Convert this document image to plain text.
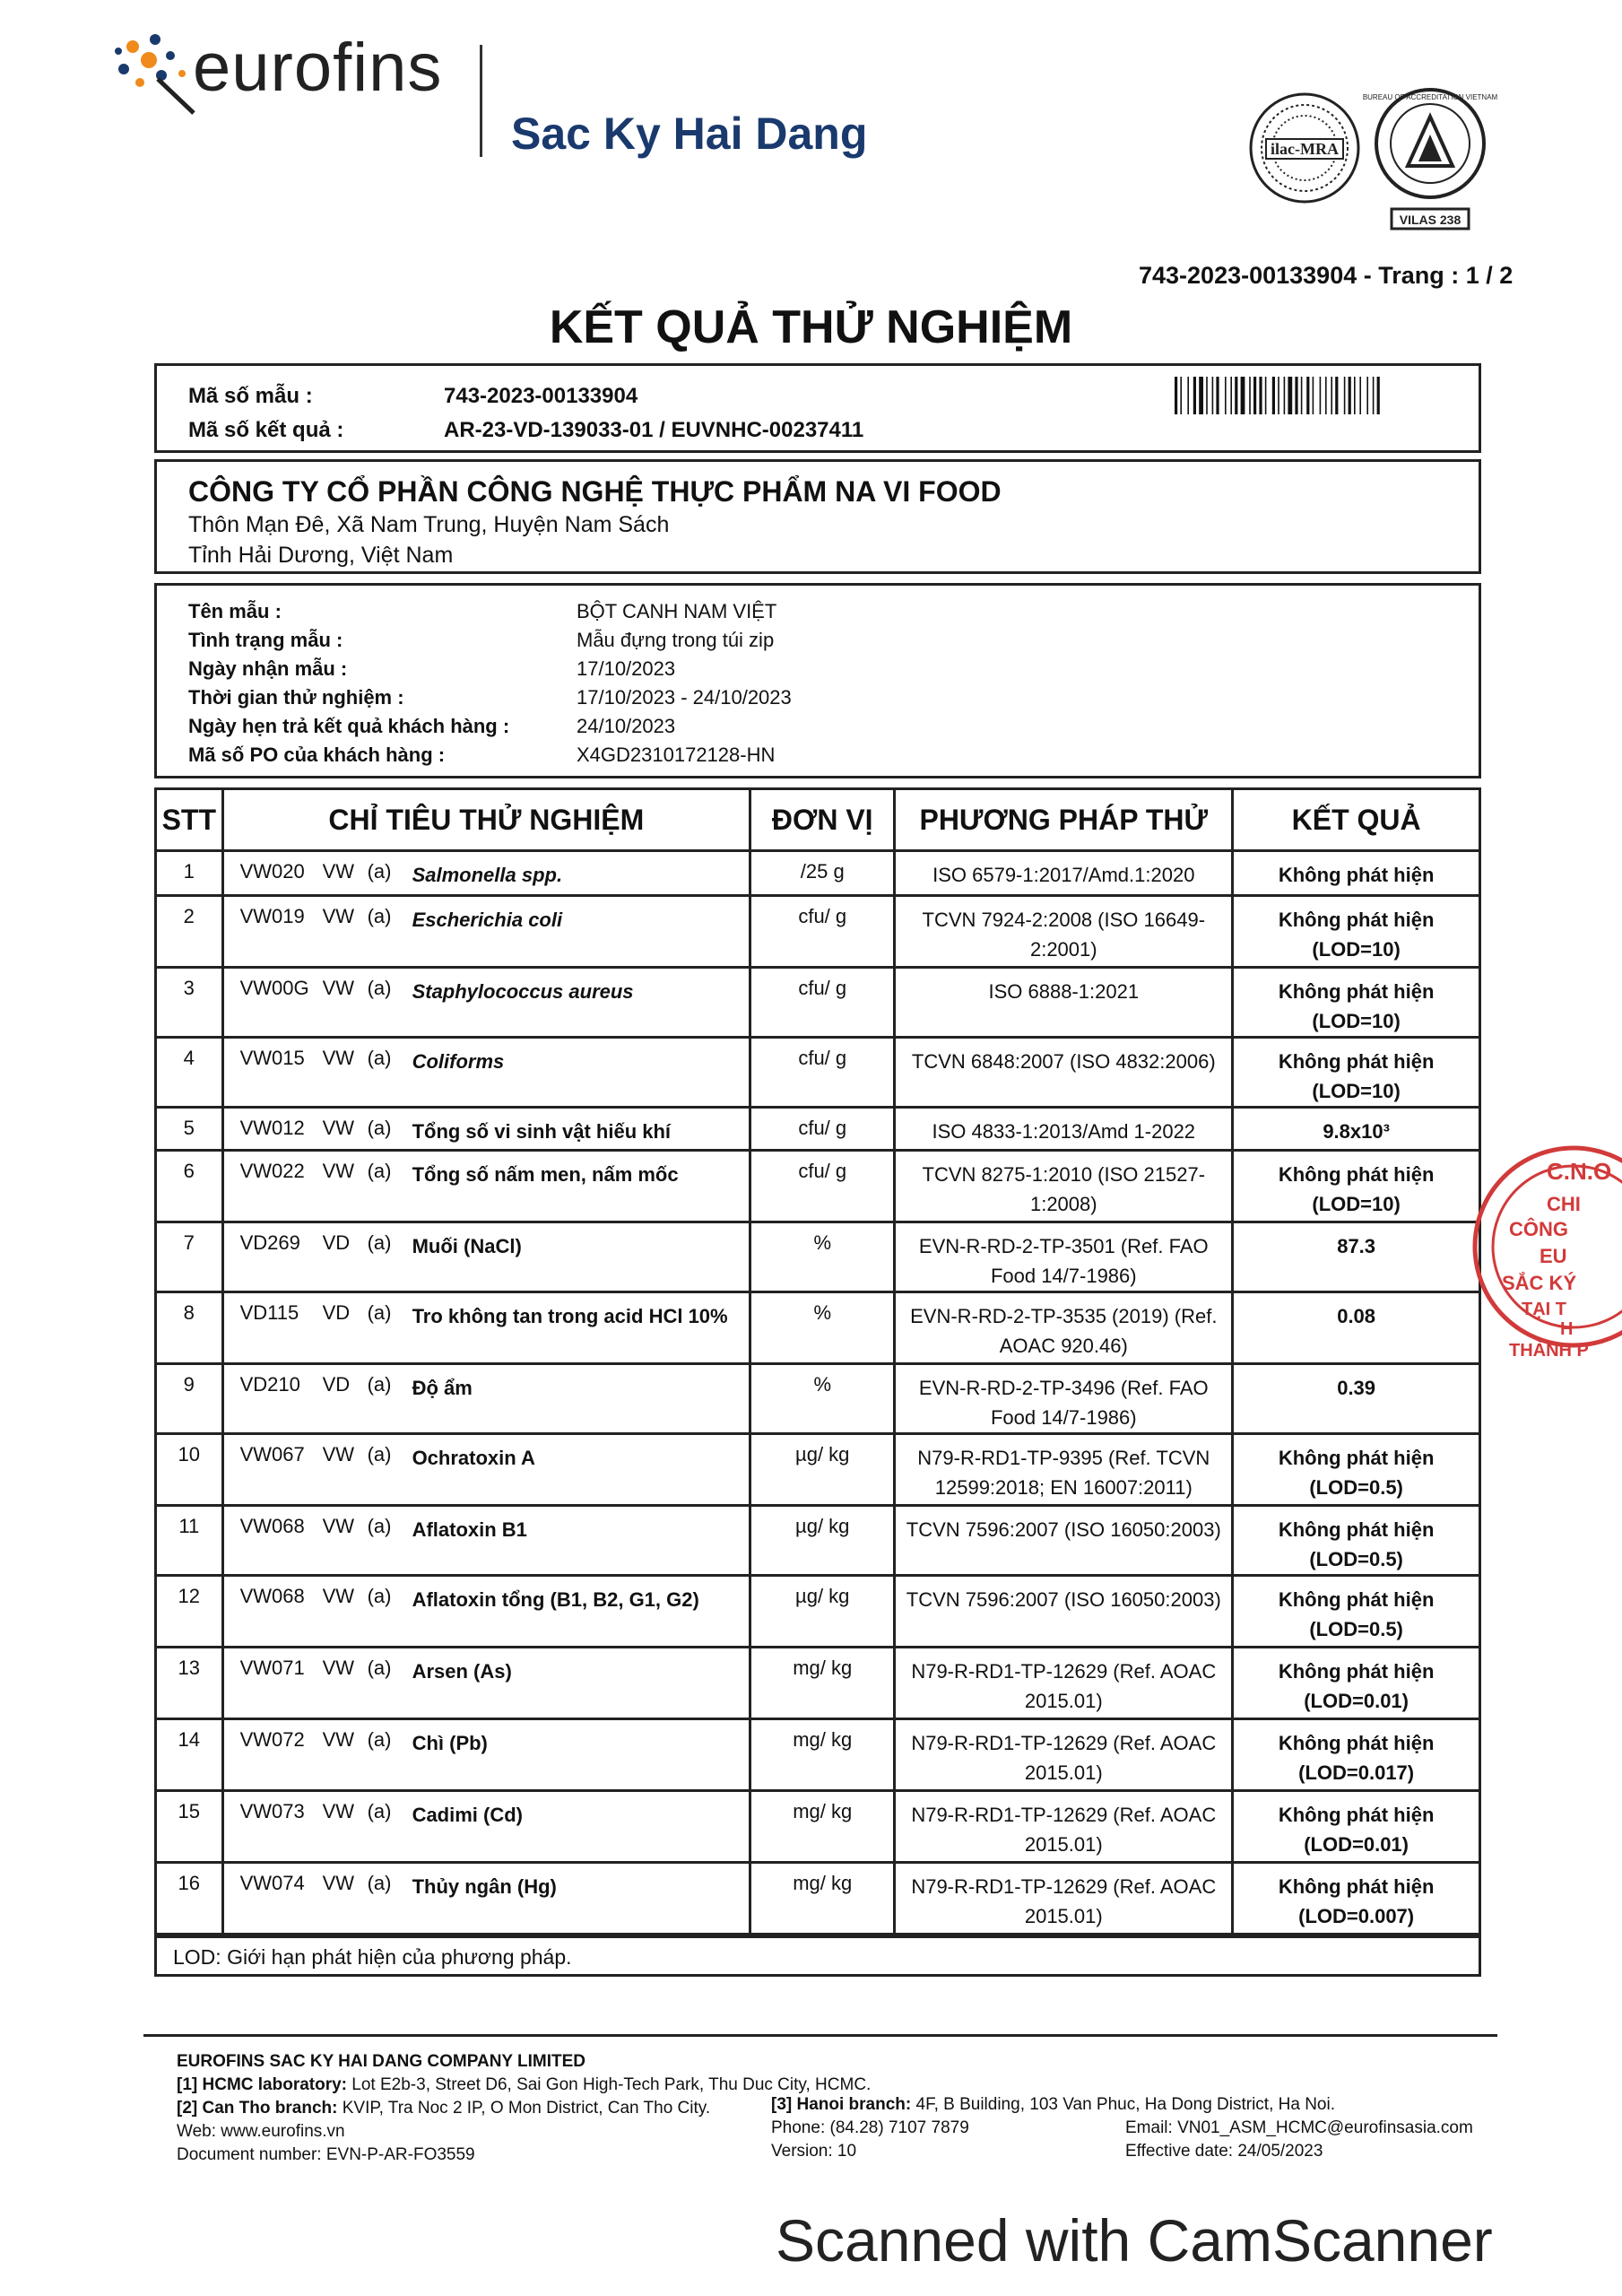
eurofins
Sac Ky Hai Dang	ilac-MRA
BUREAU OF ACCREDITATION VIETNAM
VILAS 238
743-2023-00133904 - Trang : 1 / 2
KẾT QUẢ THỬ NGHIỆM
Mã số mẫu :	743-2023-00133904
Mã số kết quả :	AR-23-VD-139033-01 / EUVNHC-00237411
CÔNG TY CỔ PHẦN CÔNG NGHỆ THỰC PHẨM NA VI FOOD
Thôn Mạn Đê, Xã Nam Trung, Huyện Nam Sách
Tỉnh Hải Dương, Việt Nam
Tên mẫu :	BỘT CANH NAM VIỆT
Tình trạng mẫu :	Mẫu đựng trong túi zip
Ngày nhận mẫu :	17/10/2023
Thời gian thử nghiệm :	17/10/2023 - 24/10/2023
Ngày hẹn trả kết quả khách hàng :	24/10/2023
Mã số PO của khách hàng :	X4GD2310172128-HN
STT	CHỈ TIÊU THỬ NGHIỆM	ĐƠN VỊ	PHƯƠNG PHÁP THỬ	KẾT QUẢ
1	VW020 VW (a) Salmonella spp.	/25 g	ISO 6579-1:2017/Amd.1:2020	Không phát hiện

2	VW019 VW (a) Escherichia coli	cfu/ g	TCVN 7924-2:2008 (ISO 16649-2:2001)	Không phát hiện (LOD=10)

3	VW00G VW (a) Staphylococcus aureus	cfu/ g	ISO 6888-1:2021	Không phát hiện (LOD=10)

4	VW015 VW (a) Coliforms	cfu/ g	TCVN 6848:2007 (ISO 4832:2006)	Không phát hiện (LOD=10)

5	VW012 VW (a) Tổng số vi sinh vật hiếu khí	cfu/ g	ISO 4833-1:2013/Amd 1-2022	9.8x10³

6	VW022 VW (a) Tổng số nấm men, nấm mốc	cfu/ g	TCVN 8275-1:2010 (ISO 21527-1:2008)	Không phát hiện (LOD=10)

7	VD269 VD (a) Muối (NaCl)	%	EVN-R-RD-2-TP-3501 (Ref. FAO Food 14/7-1986)	87.3

8	VD115 VD (a) Tro không tan trong acid HCl 10%	%	EVN-R-RD-2-TP-3535 (2019) (Ref. AOAC 920.46)	0.08

9	VD210 VD (a) Độ ẩm	%	EVN-R-RD-2-TP-3496 (Ref. FAO Food 14/7-1986)	0.39

10	VW067 VW (a) Ochratoxin A	µg/ kg	N79-R-RD1-TP-9395 (Ref. TCVN 12599:2018; EN 16007:2011)	Không phát hiện (LOD=0.5)

11	VW068 VW (a) Aflatoxin B1	µg/ kg	TCVN 7596:2007 (ISO 16050:2003)	Không phát hiện (LOD=0.5)

12	VW068 VW (a) Aflatoxin tổng (B1, B2, G1, G2)	µg/ kg	TCVN 7596:2007 (ISO 16050:2003)	Không phát hiện (LOD=0.5)

13	VW071 VW (a) Arsen (As)	mg/ kg	N79-R-RD1-TP-12629 (Ref. AOAC 2015.01)	Không phát hiện (LOD=0.01)

14	VW072 VW (a) Chì (Pb)	mg/ kg	N79-R-RD1-TP-12629 (Ref. AOAC 2015.01)	Không phát hiện (LOD=0.017)

15	VW073 VW (a) Cadimi (Cd)	mg/ kg	N79-R-RD1-TP-12629 (Ref. AOAC 2015.01)	Không phát hiện (LOD=0.01)

16	VW074 VW (a) Thủy ngân (Hg)	mg/ kg	N79-R-RD1-TP-12629 (Ref. AOAC 2015.01)	Không phát hiện (LOD=0.007)
LOD: Giới hạn phát hiện của phương pháp.
C.N.O
CHI
CÔNG
EU
SẮC KÝ
TẠI T
H
THÀNH P
EUROFINS SAC KY HAI DANG COMPANY LIMITED
[1] HCMC laboratory: Lot E2b-3, Street D6, Sai Gon High-Tech Park, Thu Duc City, HCMC.
[2] Can Tho branch: KVIP, Tra Noc 2 IP, O Mon District, Can Tho City.	[3] Hanoi branch: 4F, B Building, 103 Van Phuc, Ha Dong District, Ha Noi.
Web: www.eurofins.vn	Phone: (84.28) 7107 7879	Email: VN01_ASM_HCMC@eurofinsasia.com
Document number: EVN-P-AR-FO3559	Version: 10	Effective date: 24/05/2023
Scanned with CamScanner
